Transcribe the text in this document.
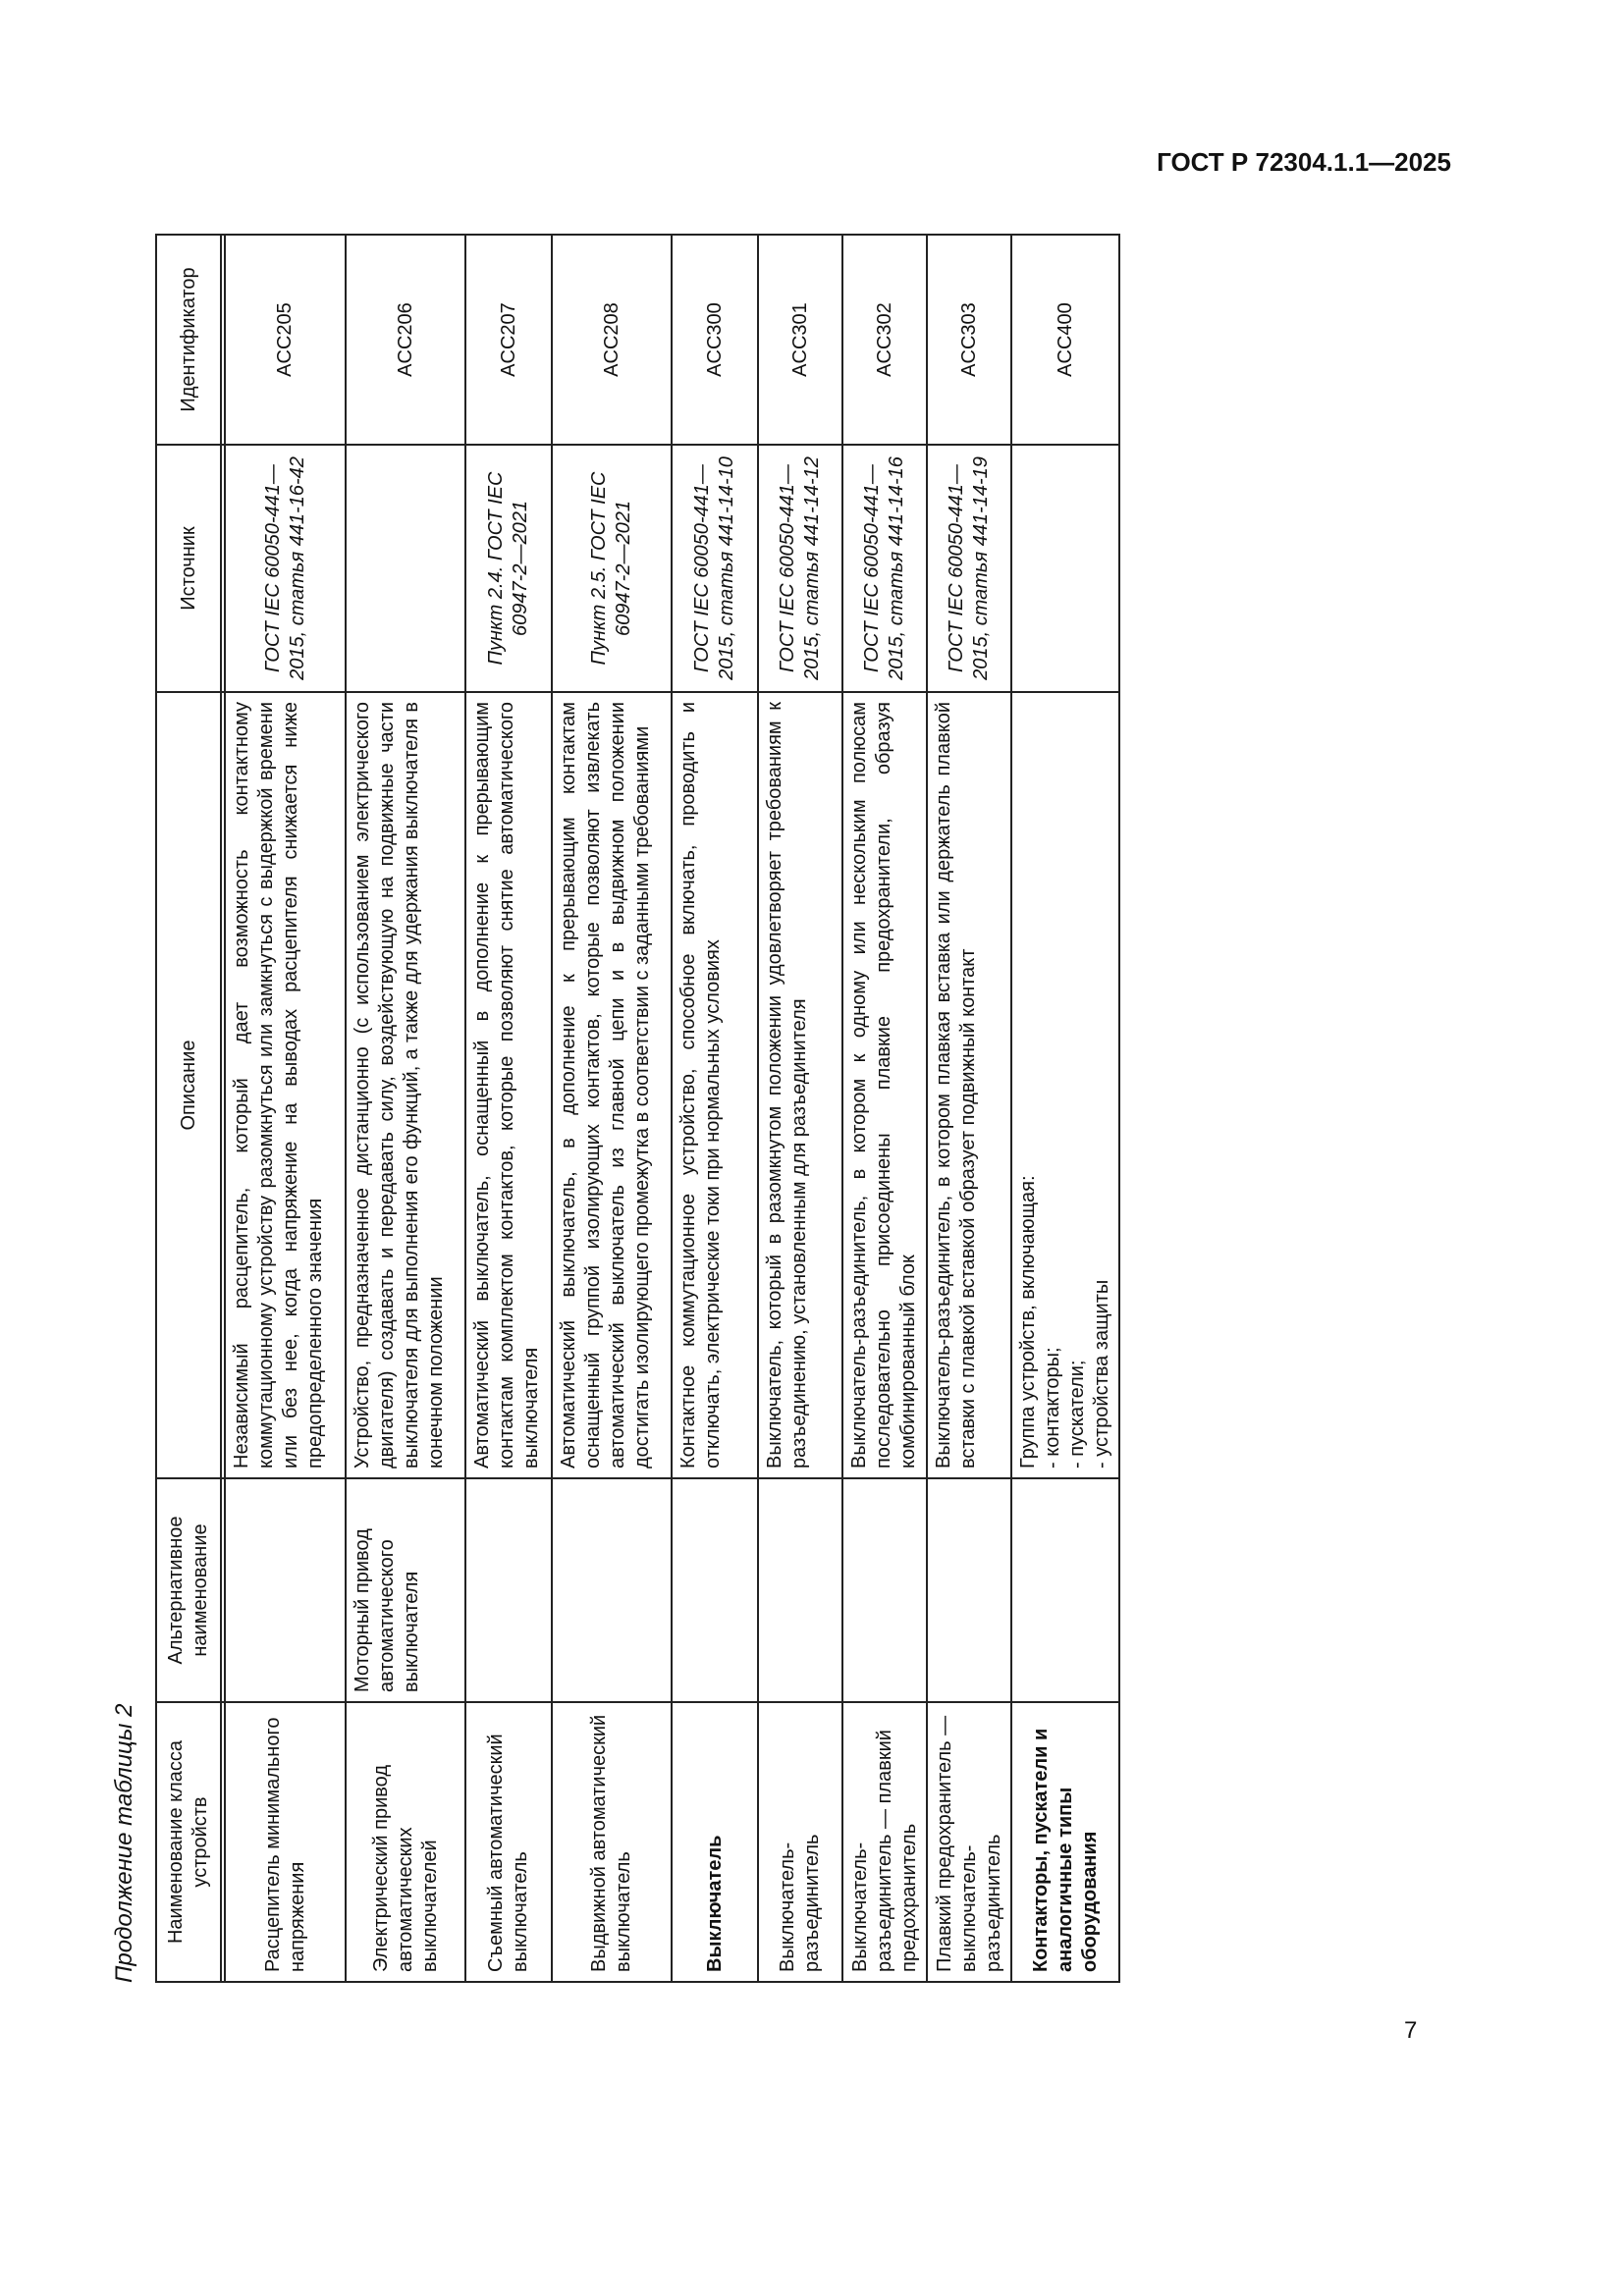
ГОСТ Р 72304.1.1—2025
7
Продолжение таблицы 2	Наименование класса устройств	Альтернативное наименование	Описание	Источник	Идентификатор

Расцепитель минимального напряжения		Независимый расцепитель, который дает возможность контактному коммутационному устройству разомкнуться или замкнуться с выдержкой времени или без нее, когда напряжение на выводах расцепителя снижается ниже предопределенного значения	ГОСТ IEC 60050-441—2015, статья 441-16-42	ACC205
Электрический привод автоматических выключателей	Моторный привод автоматического выключателя	Устройство, предназначенное дистанционно (с использованием электрического двигателя) создавать и передавать силу, воздействующую на подвижные части выключателя для выполнения его функций, а также для удержания выключателя в конечном положении		ACC206
Съемный автоматический выключатель		Автоматический выключатель, оснащенный в дополнение к прерывающим контактам комплектом контактов, которые позволяют снятие автоматического выключателя	Пункт 2.4. ГОСТ IEC 60947-2—2021	ACC207
Выдвижной автоматический выключатель		Автоматический выключатель, в дополнение к прерывающим контактам оснащенный группой изолирующих контактов, которые позволяют извлекать автоматический выключатель из главной цепи и в выдвижном положении достигать изолирующего промежутка в соответствии с заданными требованиями	Пункт 2.5. ГОСТ IEC 60947-2—2021	ACC208
Выключатель		Контактное коммутационное устройство, способное включать, проводить и отключать, электрические токи при нормальных условиях	ГОСТ IEC 60050-441—2015, статья 441-14-10	ACC300
Выключатель-разъединитель		Выключатель, который в разомкнутом положении удовлетворяет требованиям к разъединению, установленным для разъединителя	ГОСТ IEC 60050-441—2015, статья 441-14-12	ACC301
Выключатель-разъединитель — плавкий предохранитель		Выключатель-разъединитель, в котором к одному или нескольким полюсам последовательно присоединены плавкие предохранители, образуя комбинированный блок	ГОСТ IEC 60050-441—2015, статья 441-14-16	ACC302
Плавкий предохранитель — выключатель-разъединитель		Выключатель-разъединитель, в котором плавкая вставка или держатель плавкой вставки с плавкой вставкой образует подвижный контакт	ГОСТ IEC 60050-441—2015, статья 441-14-19	ACC303
Контакторы, пускатели и аналогичные типы оборудования		Группа устройств, включающая: - контакторы; - пускатели; - устройства защиты		ACC400
